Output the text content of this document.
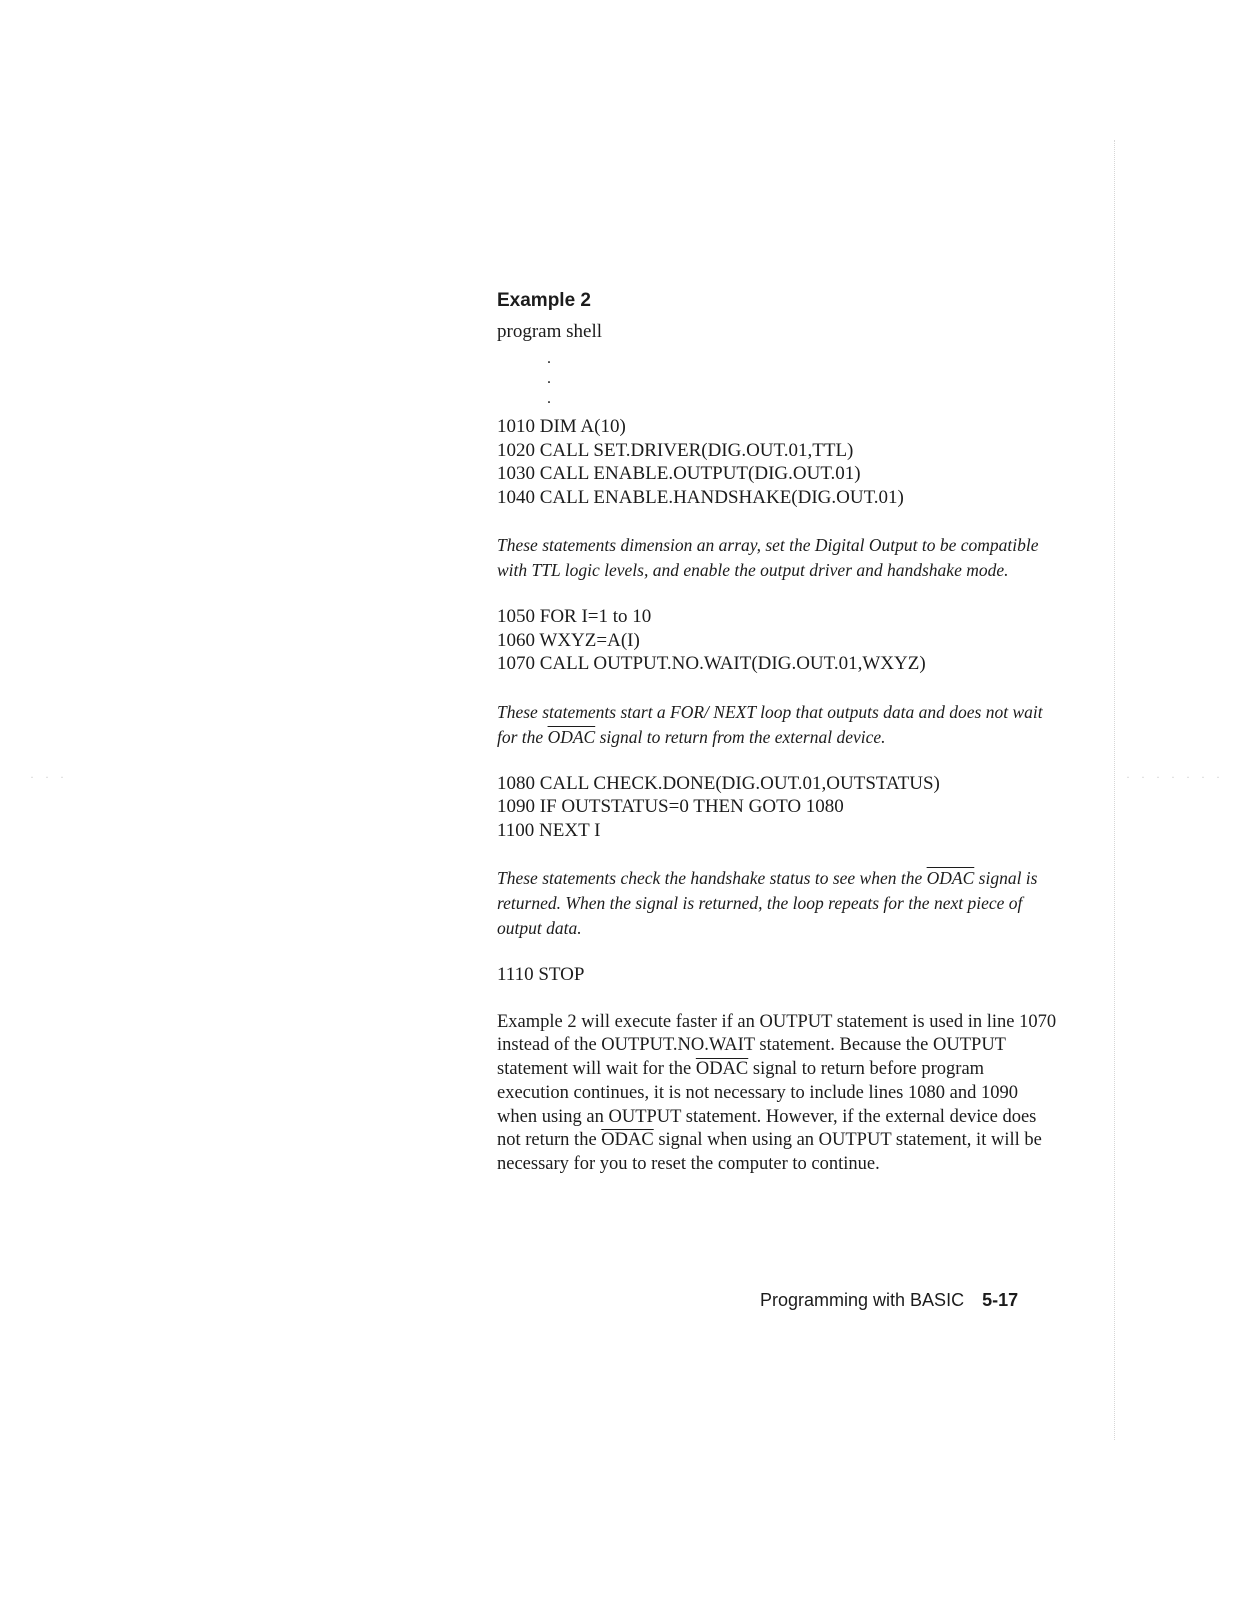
· · ·	· · · · · · ·
Example 2

program shell

.
.
.

1010 DIM A(10)

1020 CALL SET.DRIVER(DIG.OUT.01,TTL)

1030 CALL ENABLE.OUTPUT(DIG.OUT.01)

1040 CALL ENABLE.HANDSHAKE(DIG.OUT.01)

These statements dimension an array, set the Digital Output to be compatible with TTL logic levels, and enable the output driver and handshake mode.

1050 FOR I=1 to 10

1060 WXYZ=A(I)

1070 CALL OUTPUT.NO.WAIT(DIG.OUT.01,WXYZ)

These statements start a FOR/ NEXT loop that outputs data and does not wait for the ODAC signal to return from the external device.

1080 CALL CHECK.DONE(DIG.OUT.01,OUTSTATUS)

1090 IF OUTSTATUS=0 THEN GOTO 1080

1100 NEXT I

These statements check the handshake status to see when the ODAC signal is returned. When the signal is returned, the loop repeats for the next piece of output data.

1110 STOP

Example 2 will execute faster if an OUTPUT statement is used in line 1070 instead of the OUTPUT.NO.WAIT statement. Because the OUTPUT statement will wait for the ODAC signal to return before program execution continues, it is not necessary to include lines 1080 and 1090 when using an OUTPUT statement. However, if the external device does not return the ODAC signal when using an OUTPUT statement, it will be necessary for you to reset the computer to continue.

Programming with BASIC 5-17
